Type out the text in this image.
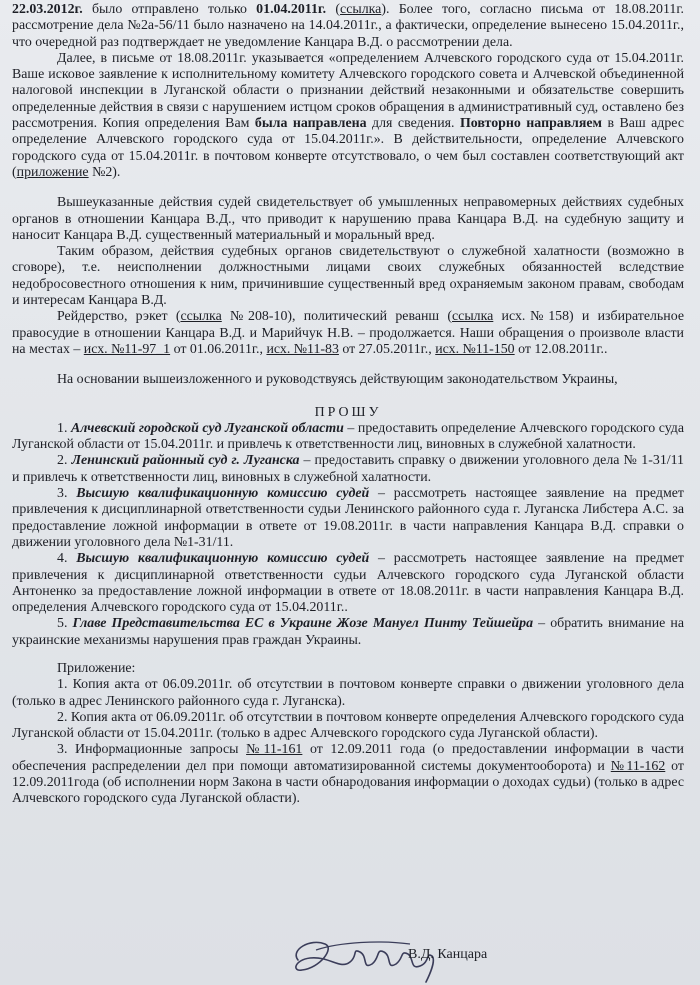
22.03.2012г. было отправлено только 01.04.2011г. (ссылка). Более того, согласно письма от 18.08.2011г. рассмотрение дела №2а-56/11 было назначено на 14.04.2011г., а фактически, определение вынесено 15.04.2011г., что очередной раз подтверждает не уведомление Канцара В.Д. о рассмотрении дела.

Далее, в письме от 18.08.2011г. указывается «определением Алчевского городского суда от 15.04.2011г. Ваше исковое заявление к исполнительному комитету Алчевского городского совета и Алчевской объединенной налоговой инспекции в Луганской области о признании действий незаконными и обязательстве совершить определенные действия в связи с нарушением истцом сроков обращения в административный суд, оставлено без рассмотрения. Копия определения Вам была направлена для сведения. Повторно направляем в Ваш адрес определение Алчевского городского суда от 15.04.2011г.». В действительности, определение Алчевского городского суда от 15.04.2011г. в почтовом конверте отсутствовало, о чем был составлен соответствующий акт (приложение №2).

Вышеуказанные действия судей свидетельствует об умышленных неправомерных действиях судебных органов в отношении Канцара В.Д., что приводит к нарушению права Канцара В.Д. на судебную защиту и наносит Канцара В.Д. существенный материальный и моральный вред.

Таким образом, действия судебных органов свидетельствуют о служебной халатности (возможно в сговоре), т.е. неисполнении должностными лицами своих служебных обязанностей вследствие недобросовестного отношения к ним, причинившие существенный вред охраняемым законом правам, свободам и интересам Канцара В.Д.

Рейдерство, рэкет (ссылка №208-10), политический реванш (ссылка исх.№158) и избирательное правосудие в отношении Канцара В.Д. и Марийчук Н.В. – продолжается. Наши обращения о произволе власти на местах – исх. №11-97_1 от 01.06.2011г., исх. №11-83 от 27.05.2011г., исх. №11-150 от 12.08.2011г..

На основании вышеизложенного и руководствуясь действующим законодательством Украины,

ПРОШУ

1. Алчевский городской суд Луганской области – предоставить определение Алчевского городского суда Луганской области от 15.04.2011г. и привлечь к ответственности лиц, виновных в служебной халатности.

2. Ленинский районный суд г. Луганска – предоставить справку о движении уголовного дела № 1-31/11 и привлечь к ответственности лиц, виновных в служебной халатности.

3. Высшую квалификационную комиссию судей – рассмотреть настоящее заявление на предмет привлечения к дисциплинарной ответственности судьи Ленинского районного суда г. Луганска Либстера А.С. за предоставление ложной информации в ответе от 19.08.2011г. в части направления Канцара В.Д. справки о движении уголовного дела №1-31/11.

4. Высшую квалификационную комиссию судей – рассмотреть настоящее заявление на предмет привлечения к дисциплинарной ответственности судьи Алчевского городского суда Луганской области Антоненко за предоставление ложной информации в ответе от 18.08.2011г. в части направления Канцара В.Д. определения Алчевского городского суда от 15.04.2011г..

5. Главе Представительства ЕС в Украине Жозе Мануел Пинту Тейшейра – обратить внимание на украинские механизмы нарушения прав граждан Украины.

Приложение:

1. Копия акта от 06.09.2011г. об отсутствии в почтовом конверте справки о движении уголовного дела (только в адрес Ленинского районного суда г. Луганска).

2. Копия акта от 06.09.2011г. об отсутствии в почтовом конверте определения Алчевского городского суда Луганской области от 15.04.2011г. (только в адрес Алчевского городского суда Луганской области).

3. Информационные запросы №11-161 от 12.09.2011 года (о предоставлении информации в части обеспечения распределении дел при помощи автоматизированной системы документооборота) и №11-162 от 12.09.2011года (об исполнении норм Закона в части обнародования информации о доходах судьи) (только в адрес Алчевского городского суда Луганской области).

В.Д. Канцара
